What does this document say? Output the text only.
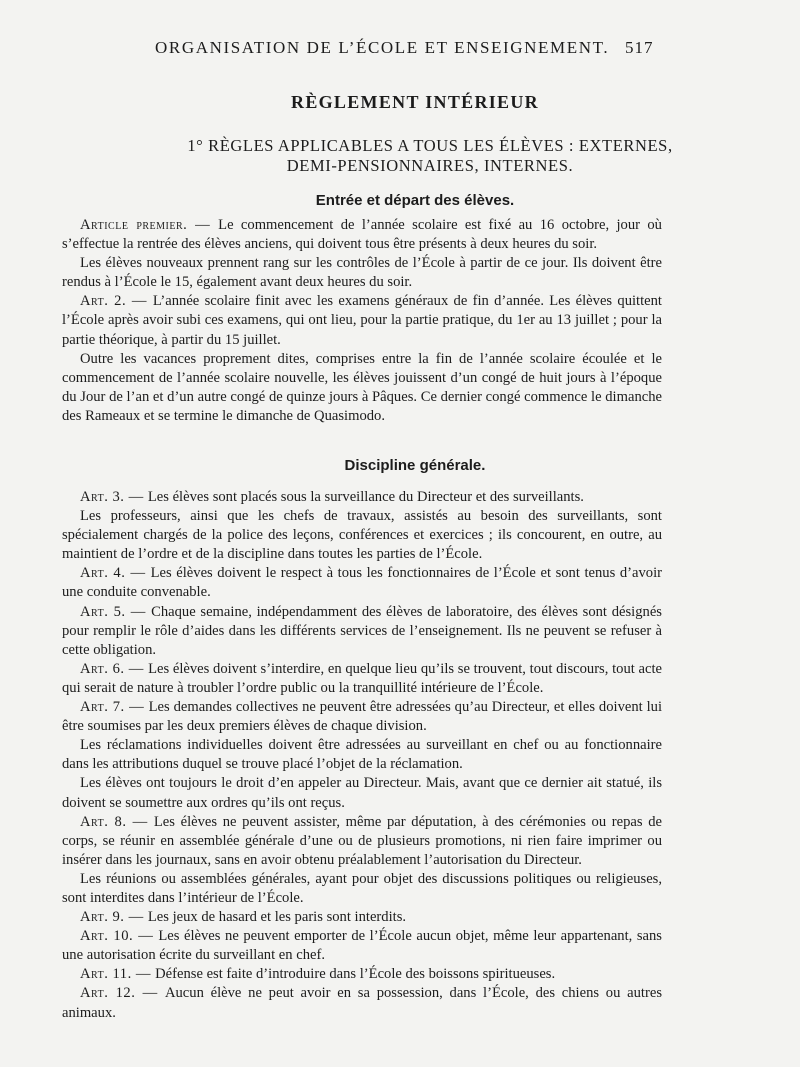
ORGANISATION DE L’ÉCOLE ET ENSEIGNEMENT. 517
RÈGLEMENT INTÉRIEUR
1° RÈGLES APPLICABLES A TOUS LES ÉLÈVES : EXTERNES,
DEMI-PENSIONNAIRES, INTERNES.
Entrée et départ des élèves.

Article premier. — Le commencement de l’année scolaire est fixé au 16 octobre, jour où s’effectue la rentrée des élèves anciens, qui doivent tous être présents à deux heures du soir.

Les élèves nouveaux prennent rang sur les contrôles de l’École à partir de ce jour. Ils doivent être rendus à l’École le 15, également avant deux heures du soir.

Art. 2. — L’année scolaire finit avec les examens généraux de fin d’année. Les élèves quittent l’École après avoir subi ces examens, qui ont lieu, pour la partie pratique, du 1er au 13 juillet ; pour la partie théorique, à partir du 15 juillet.

Outre les vacances proprement dites, comprises entre la fin de l’année scolaire écoulée et le commencement de l’année scolaire nouvelle, les élèves jouissent d’un congé de huit jours à l’époque du Jour de l’an et d’un autre congé de quinze jours à Pâques. Ce dernier congé commence le dimanche des Rameaux et se termine le dimanche de Quasimodo.

Discipline générale.

Art. 3. — Les élèves sont placés sous la surveillance du Directeur et des surveillants.

Les professeurs, ainsi que les chefs de travaux, assistés au besoin des surveillants, sont spécialement chargés de la police des leçons, conférences et exercices ; ils concourent, en outre, au maintient de l’ordre et de la discipline dans toutes les parties de l’École.

Art. 4. — Les élèves doivent le respect à tous les fonctionnaires de l’École et sont tenus d’avoir une conduite convenable.

Art. 5. — Chaque semaine, indépendamment des élèves de laboratoire, des élèves sont désignés pour remplir le rôle d’aides dans les différents services de l’enseignement. Ils ne peuvent se refuser à cette obligation.

Art. 6. — Les élèves doivent s’interdire, en quelque lieu qu’ils se trouvent, tout discours, tout acte qui serait de nature à troubler l’ordre public ou la tranquillité intérieure de l’École.

Art. 7. — Les demandes collectives ne peuvent être adressées qu’au Directeur, et elles doivent lui être soumises par les deux premiers élèves de chaque division.

Les réclamations individuelles doivent être adressées au surveillant en chef ou au fonctionnaire dans les attributions duquel se trouve placé l’objet de la réclamation.

Les élèves ont toujours le droit d’en appeler au Directeur. Mais, avant que ce dernier ait statué, ils doivent se soumettre aux ordres qu’ils ont reçus.

Art. 8. — Les élèves ne peuvent assister, même par députation, à des cérémonies ou repas de corps, se réunir en assemblée générale d’une ou de plusieurs promotions, ni rien faire imprimer ou insérer dans les journaux, sans en avoir obtenu préalablement l’autorisation du Directeur.

Les réunions ou assemblées générales, ayant pour objet des discussions politiques ou religieuses, sont interdites dans l’intérieur de l’École.

Art. 9. — Les jeux de hasard et les paris sont interdits.

Art. 10. — Les élèves ne peuvent emporter de l’École aucun objet, même leur appartenant, sans une autorisation écrite du surveillant en chef.

Art. 11. — Défense est faite d’introduire dans l’École des boissons spiritueuses.

Art. 12. — Aucun élève ne peut avoir en sa possession, dans l’École, des chiens ou autres animaux.
